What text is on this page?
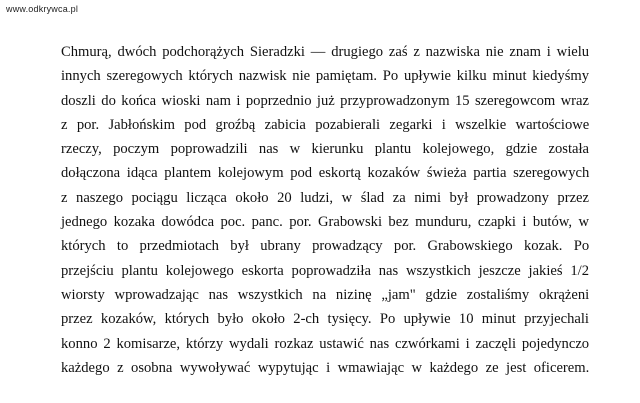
www.odkrywca.pl
Chmurą, dwóch podchorążych Sieradzki — drugiego zaś z nazwiska nie znam i wielu
innych szeregowych których nazwisk nie pamiętam. Po upływie kilku minut kiedyśmy
doszli do końca wioski nam i poprzednio już przyprowadzonym 15 szeregowcom wraz
z por. Jabłońskim pod groźbą zabicia pozabierali zegarki i wszelkie wartościowe
rzeczy, poczym poprowadzili nas w kierunku plantu kolejowego, gdzie została
dołączona idąca plantem kolejowym pod eskortą kozaków świeża partia szeregowych
z naszego pociągu licząca około 20 ludzi, w ślad za nimi był prowadzony przez
jednego kozaka dowódca poc. panc. por. Grabowski bez munduru, czapki i butów, w
których to przedmiotach był ubrany prowadzący por. Grabowskiego kozak. Po
przejściu plantu kolejowego eskorta poprowadziła nas wszystkich jeszcze jakieś 1/2
wiorsty wprowadzając nas wszystkich na nizinę „jam" gdzie zostaliśmy okrążeni
przez kozaków, których było około 2-ch tysięcy. Po upływie 10 minut przyjechali
konno 2 komisarze, którzy wydali rozkaz ustawić nas czwórkami i zaczęli pojedynczo
każdego z osobna wywoływać wypytując i wmawiając w każdego ze jest oficerem.
